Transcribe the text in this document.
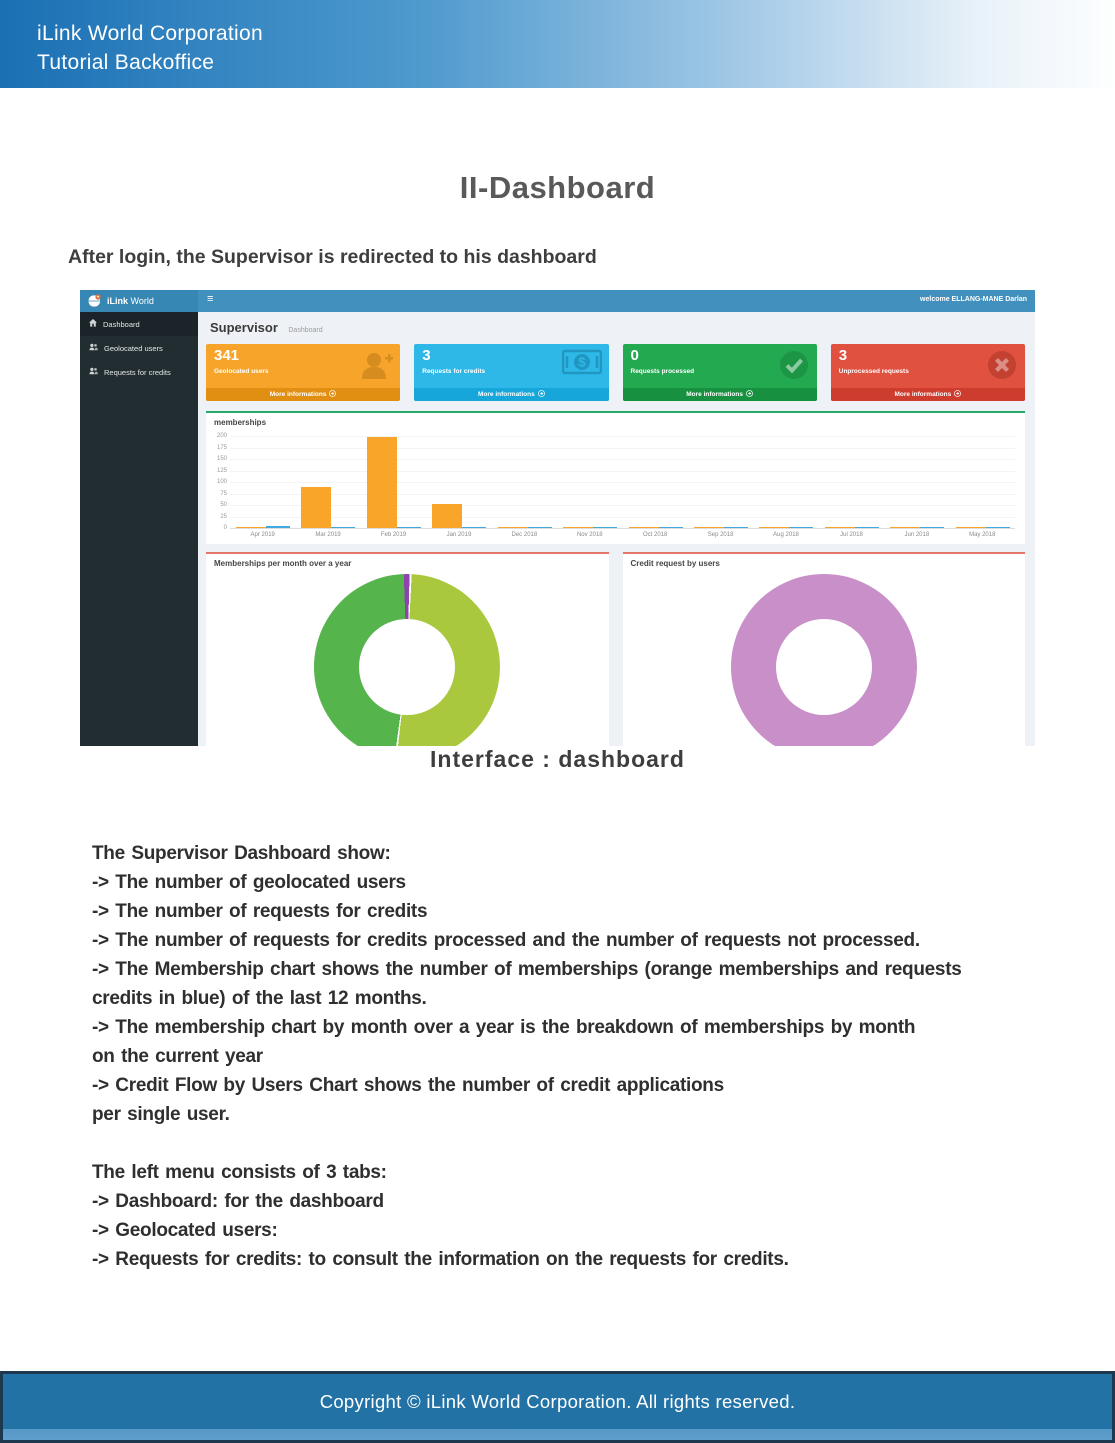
iLink World Corporation
Tutorial Backoffice
II-Dashboard
After login, the Supervisor is redirected to his dashboard
iLink World	≡	welcome ELLANG-MANE Darlan
Dashboard
Geolocated users
Requests for credits
Supervisor Dashboard
341
Geolocated users
More informations
3
Requests for credits
$
More informations
0
Requests processed
More informations
3
Unprocessed requests
More informations
memberships
0
25
50
75
100
125
150
175
200
Apr 2019	Mar 2019	Feb 2019	Jan 2019	Dec 2018	Nov 2018	Oct 2018	Sep 2018	Aug 2018	Jul 2018	Jun 2018	May 2018
Memberships per month over a year	Credit request by users
Interface : dashboard
The Supervisor Dashboard show:
-> The number of geolocated users
-> The number of requests for credits
-> The number of requests for credits processed and the number of requests not processed.
-> The Membership chart shows the number of memberships (orange memberships and requests
credits in blue) of the last 12 months.
-> The membership chart by month over a year is the breakdown of memberships by month
on the current year
-> Credit Flow by Users Chart shows the number of credit applications
per single user.

The left menu consists of 3 tabs:
-> Dashboard: for the dashboard
-> Geolocated users:
-> Requests for credits: to consult the information on the requests for credits.
Copyright © iLink World Corporation. All rights reserved.
